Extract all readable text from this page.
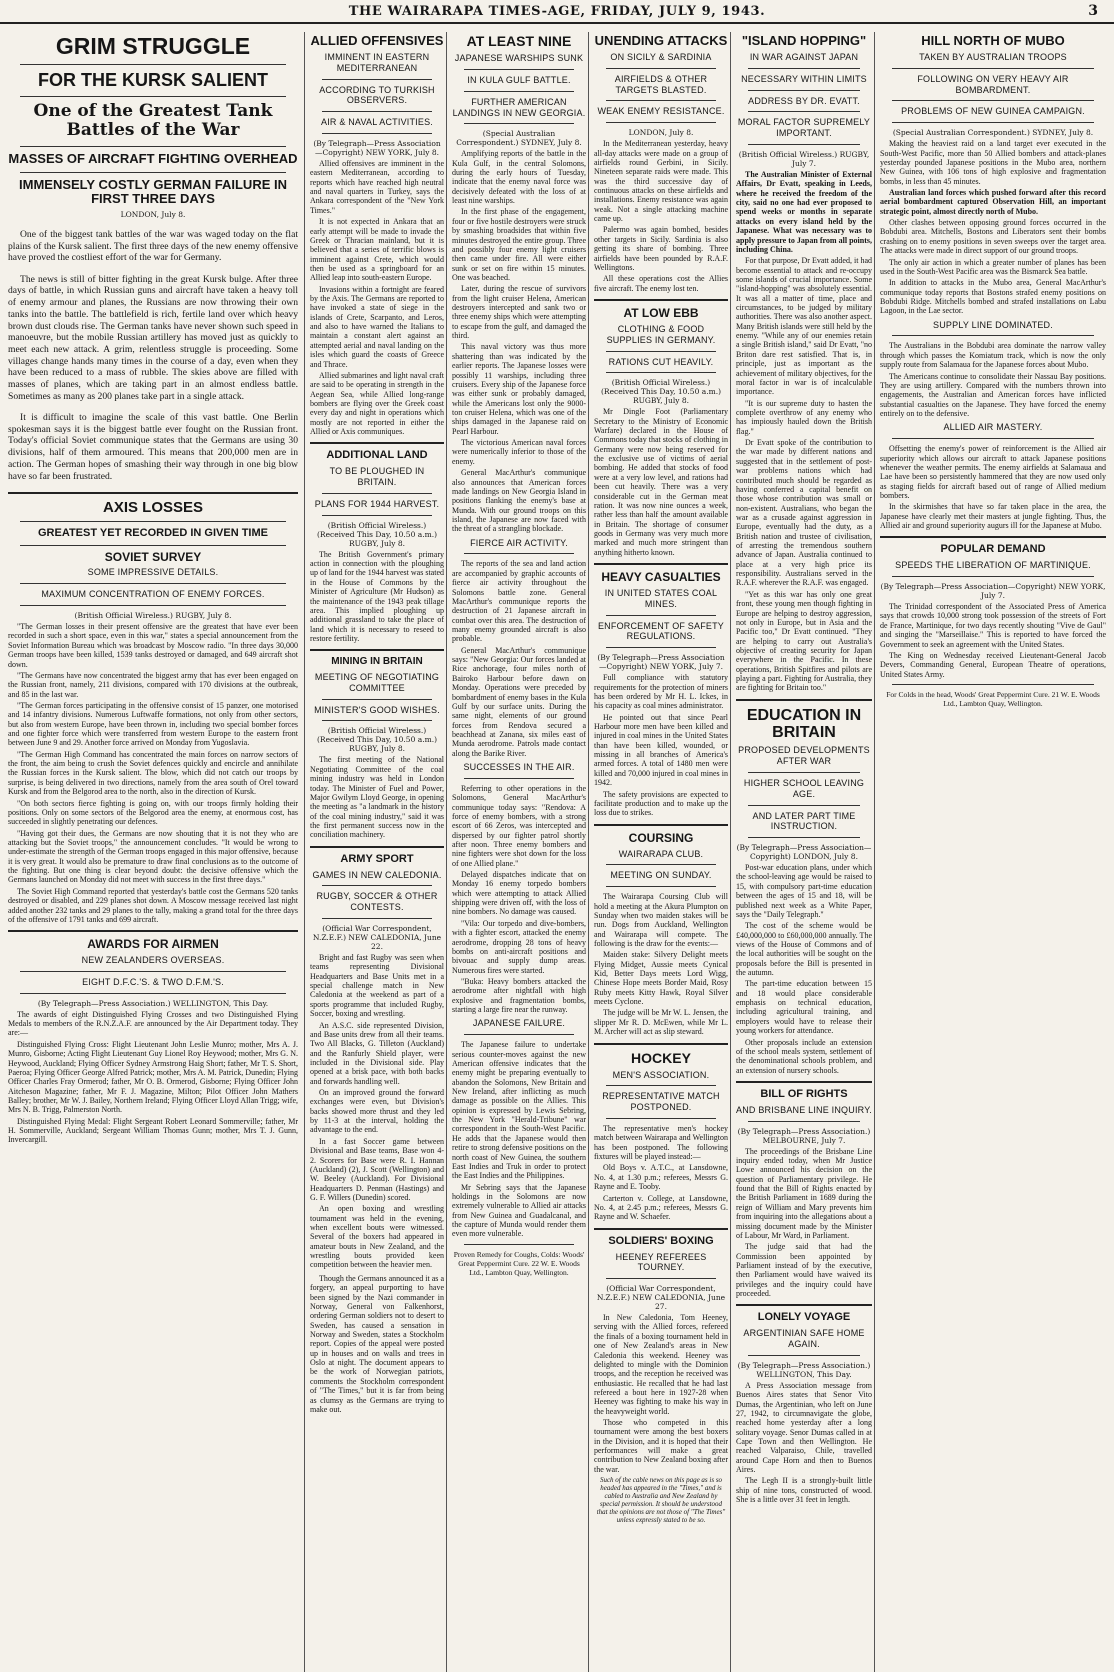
THE WAIRARAPA TIMES-AGE, FRIDAY, JULY 9, 1943.	3
GRIM STRUGGLE
FOR THE KURSK SALIENT
One of the Greatest Tank Battles of the War
MASSES OF AIRCRAFT FIGHTING OVERHEAD
IMMENSELY COSTLY GERMAN FAILURE IN FIRST THREE DAYS
LONDON, July 8.

One of the biggest tank battles of the war was waged today on the flat plains of the Kursk salient. The first three days of the new enemy offensive have proved the costliest effort of the war for Germany.

The news is still of bitter fighting in the great Kursk bulge. After three days of battle, in which Russian guns and aircraft have taken a heavy toll of enemy armour and planes, the Russians are now throwing their own tanks into the battle. The battlefield is rich, fertile land over which heavy brown dust clouds rise. The German tanks have never shown such speed in manoeuvre, but the mobile Russian artillery has moved just as quickly to meet each new attack. A grim, relentless struggle is proceeding. Some villages change hands many times in the course of a day, even when they have been reduced to a mass of rubble. The skies above are filled with masses of planes, which are taking part in an almost endless battle. Sometimes as many as 200 planes take part in a single attack.

It is difficult to imagine the scale of this vast battle. One Berlin spokesman says it is the biggest battle ever fought on the Russian front. Today's official Soviet communique states that the Germans are using 30 divisions, half of them armoured. This means that 200,000 men are in action. The German hopes of smashing their way through in one big blow have so far been frustrated.

AXIS LOSSES
GREATEST YET RECORDED IN GIVEN TIME
SOVIET SURVEY
SOME IMPRESSIVE DETAILS.
MAXIMUM CONCENTRATION OF ENEMY FORCES.
(British Official Wireless.) RUGBY, July 8.

"The German losses in their present offensive are the greatest that have ever been recorded in such a short space, even in this war," states a special announcement from the Soviet Information Bureau which was broadcast by Moscow radio. "In three days 30,000 German troops have been killed, 1539 tanks destroyed or damaged, and 649 aircraft shot down.

"The Germans have now concentrated the biggest army that has ever been engaged on the Russian front, namely, 211 divisions, compared with 170 divisions at the outbreak, and 85 in the last war.

"The German forces participating in the offensive consist of 15 panzer, one motorised and 14 infantry divisions. Numerous Luftwaffe formations, not only from other sectors, but also from western Europe, have been thrown in, including two special bomber forces and one fighter force which were transferred from western Europe to the eastern front between June 9 and 29. Another force arrived on Monday from Yugoslavia.

"The German High Command has concentrated the main forces on narrow sectors of the front, the aim being to crush the Soviet defences quickly and encircle and annihilate the Russian forces in the Kursk salient. The blow, which did not catch our troops by surprise, is being delivered in two directions, namely from the area south of Orel toward Kursk and from the Belgorod area to the north, also in the direction of Kursk.

"On both sectors fierce fighting is going on, with our troops firmly holding their positions. Only on some sectors of the Belgorod area the enemy, at enormous cost, has succeeded in slightly penetrating our defences.

"Having got their dues, the Germans are now shouting that it is not they who are attacking but the Soviet troops," the announcement concludes. "It would be wrong to under-estimate the strength of the German troops engaged in this major offensive, because it is very great. It would also be premature to draw final conclusions as to the outcome of the fighting. But one thing is clear beyond doubt: the decisive offensive which the Germans launched on Monday did not meet with success in the first three days."

The Soviet High Command reported that yesterday's battle cost the Germans 520 tanks destroyed or disabled, and 229 planes shot down. A Moscow message received last night added another 232 tanks and 29 planes to the tally, making a grand total for the three days of the offensive of 1791 tanks and 699 aircraft.

AWARDS FOR AIRMEN
NEW ZEALANDERS OVERSEAS.
EIGHT D.F.C.'S. & TWO D.F.M.'S.
(By Telegraph—Press Association.) WELLINGTON, This Day.

The awards of eight Distinguished Flying Crosses and two Distinguished Flying Medals to members of the R.N.Z.A.F. are announced by the Air Department today. They are:—

Distinguished Flying Cross: Flight Lieutenant John Leslie Munro; mother, Mrs A. J. Munro, Gisborne; Acting Flight Lieutenant Guy Lionel Roy Heywood; mother, Mrs G. N. Heywood, Auckland; Flying Officer Sydney Armstrong Haig Short; father, Mr T. S. Short, Paeroa; Flying Officer George Alfred Patrick; mother, Mrs A. M. Patrick, Dunedin; Flying Officer Charles Fray Ormerod; father, Mr O. B. Ormerod, Gisborne; Flying Officer John Aitcheson Magazine; father, Mr F. J. Magazine, Milton; Pilot Officer John Mathers Balley; brother, Mr W. J. Bailey, Northern Ireland; Flying Officer Lloyd Allan Trigg; wife, Mrs N. B. Trigg, Palmerston North.

Distinguished Flying Medal: Flight Sergeant Robert Leonard Sommerville; father, Mr H. Sommerville, Auckland; Sergeant William Thomas Gunn; mother, Mrs T. J. Gunn, Invercargill.

ALLIED OFFENSIVES
IMMINENT IN EASTERN MEDITERRANEAN
ACCORDING TO TURKISH OBSERVERS.
AIR & NAVAL ACTIVITIES.
(By Telegraph—Press Association—Copyright) NEW YORK, July 8.

Allied offensives are imminent in the eastern Mediterranean, according to reports which have reached high neutral and naval quarters in Turkey, says the Ankara correspondent of the "New York Times."

It is not expected in Ankara that an early attempt will be made to invade the Greek or Thracian mainland, but it is believed that a series of terrific blows is imminent against Crete, which would then be used as a springboard for an Allied leap into south-eastern Europe.

Invasions within a fortnight are feared by the Axis. The Germans are reported to have invoked a state of siege in the islands of Crete, Scarpanto, and Leros, and also to have warned the Italians to maintain a constant alert against an attempted aerial and naval landing on the isles which guard the coasts of Greece and Thrace.

Allied submarines and light naval craft are said to be operating in strength in the Aegean Sea, while Allied long-range bombers are flying over the Greek coast every day and night in operations which mostly are not reported in either the Allied or Axis communiques.

ADDITIONAL LAND
TO BE PLOUGHED IN BRITAIN.
PLANS FOR 1944 HARVEST.
(British Official Wireless.) (Received This Day, 10.50 a.m.) RUGBY, July 8.

The British Government's primary action in connection with the ploughing up of land for the 1944 harvest was stated in the House of Commons by the Minister of Agriculture (Mr Hudson) as the maintenance of the 1943 peak tillage area. This implied ploughing up additional grassland to take the place of land which it is necessary to reseed to restore fertility.

MINING IN BRITAIN
MEETING OF NEGOTIATING COMMITTEE
MINISTER'S GOOD WISHES.
(British Official Wireless.) (Received This Day, 10.50 a.m.) RUGBY, July 8.

The first meeting of the National Negotiating Committee of the coal mining industry was held in London today. The Minister of Fuel and Power, Major Gwilym Lloyd George, in opening the meeting as "a landmark in the history of the coal mining industry," said it was the first permanent success now in the conciliation machinery.

ARMY SPORT
GAMES IN NEW CALEDONIA.
RUGBY, SOCCER & OTHER CONTESTS.
(Official War Correspondent, N.Z.E.F.) NEW CALEDONIA, June 22.

Bright and fast Rugby was seen when teams representing Divisional Headquarters and Base Units met in a special challenge match in New Caledonia at the weekend as part of a sports programme that included Rugby, Soccer, boxing and wrestling.

An A.S.C. side represented Division, and Base units drew from all their teams. Two All Blacks, G. Tilleton (Auckland) and the Ranfurly Shield player, were included in the Divisional side. Play opened at a brisk pace, with both backs and forwards handling well.

On an improved ground the forward exchanges were even, but Division's backs showed more thrust and they led by 11-3 at the interval, holding the advantage to the end.

In a fast Soccer game between Divisional and Base teams, Base won 4-2. Scorers for Base were R. I. Hannan (Auckland) (2), J. Scott (Wellington) and W. Beeley (Auckland). For Divisional Headquarters D. Penman (Hastings) and G. F. Willers (Dunedin) scored.

An open boxing and wrestling tournament was held in the evening, when excellent bouts were witnessed. Several of the boxers had appeared in amateur bouts in New Zealand, and the wrestling bouts provided keen competition between the heavier men.

Though the Germans announced it as a forgery, an appeal purporting to have been signed by the Nazi commander in Norway, General von Falkenhorst, ordering German soldiers not to desert to Sweden, has caused a sensation in Norway and Sweden, states a Stockholm report. Copies of the appeal were posted up in houses and on walls and trees in Oslo at night. The document appears to be the work of Norwegian patriots, comments the Stockholm correspondent of "The Times," but it is far from being as clumsy as the Germans are trying to make out.

AT LEAST NINE
JAPANESE WARSHIPS SUNK
IN KULA GULF BATTLE.
FURTHER AMERICAN LANDINGS IN NEW GEORGIA.
(Special Australian Correspondent.) SYDNEY, July 8.

Amplifying reports of the battle in the Kula Gulf, in the central Solomons, during the early hours of Tuesday, indicate that the enemy naval force was decisively defeated with the loss of at least nine warships.

In the first phase of the engagement, four or five hostile destroyers were struck by smashing broadsides that within five minutes destroyed the entire group. Three and possibly four enemy light cruisers then came under fire. All were either sunk or set on fire within 15 minutes. One was beached.

Later, during the rescue of survivors from the light cruiser Helena, American destroyers intercepted and sank two or three enemy ships which were attempting to escape from the gulf, and damaged the third.

This naval victory was thus more shattering than was indicated by the earlier reports. The Japanese losses were possibly 11 warships, including three cruisers. Every ship of the Japanese force was either sunk or probably damaged, while the Americans lost only the 9000-ton cruiser Helena, which was one of the ships damaged in the Japanese raid on Pearl Harbour.

The victorious American naval forces were numerically inferior to those of the enemy.

General MacArthur's communique also announces that American forces made landings on New Georgia Island in positions flanking the enemy's base at Munda. With our ground troops on this island, the Japanese are now faced with the threat of a strangling blockade.

FIERCE AIR ACTIVITY.

The reports of the sea and land action are accompanied by graphic accounts of fierce air activity throughout the Solomons battle zone. General MacArthur's communique reports the destruction of 21 Japanese aircraft in combat over this area. The destruction of many enemy grounded aircraft is also probable.

General MacArthur's communique says: "New Georgia: Our forces landed at Rice anchorage, four miles north of Bairoko Harbour before dawn on Monday. Operations were preceded by bombardment of enemy bases in the Kula Gulf by our surface units. During the same night, elements of our ground forces from Rendova secured a beachhead at Zanana, six miles east of Munda aerodrome. Patrols made contact along the Barike River.

SUCCESSES IN THE AIR.

Referring to other operations in the Solomons, General MacArthur's communique today says: "Rendova: A force of enemy bombers, with a strong escort of 66 Zeros, was intercepted and dispersed by our fighter patrol shortly after noon. Three enemy bombers and nine fighters were shot down for the loss of one Allied plane."

Delayed dispatches indicate that on Monday 16 enemy torpedo bombers which were attempting to attack Allied shipping were driven off, with the loss of nine bombers. No damage was caused.

"Vila: Our torpedo and dive-bombers, with a fighter escort, attacked the enemy aerodrome, dropping 28 tons of heavy bombs on anti-aircraft positions and bivouac and supply dump areas. Numerous fires were started.

"Buka: Heavy bombers attacked the aerodrome after nightfall with high explosive and fragmentation bombs, starting a large fire near the runway.

JAPANESE FAILURE.

The Japanese failure to undertake serious counter-moves against the new American offensive indicates that the enemy might be preparing eventually to abandon the Solomons, New Britain and New Ireland, after inflicting as much damage as possible on the Allies. This opinion is expressed by Lewis Sebring, the New York "Herald-Tribune" war correspondent in the South-West Pacific. He adds that the Japanese would then retire to strong defensive positions on the north coast of New Guinea, the southern East Indies and Truk in order to protect the East Indies and the Philippines.

Mr Sebring says that the Japanese holdings in the Solomons are now extremely vulnerable to Allied air attacks from New Guinea and Guadalcanal, and the capture of Munda would render them even more vulnerable.

Proven Remedy for Coughs, Colds: Woods' Great Peppermint Cure. 22 W. E. Woods Ltd., Lambton Quay, Wellington.
UNENDING ATTACKS
ON SICILY & SARDINIA
AIRFIELDS & OTHER TARGETS BLASTED.
WEAK ENEMY RESISTANCE.
LONDON, July 8.

In the Mediterranean yesterday, heavy all-day attacks were made on a group of airfields round Gerbini, in Sicily. Nineteen separate raids were made. This was the third successive day of continuous attacks on these airfields and installations. Enemy resistance was again weak. Not a single attacking machine came up.

Palermo was again bombed, besides other targets in Sicily. Sardinia is also getting its share of bombing. Three airfields have been pounded by R.A.F. Wellingtons.

All these operations cost the Allies five aircraft. The enemy lost ten.

AT LOW EBB
CLOTHING & FOOD SUPPLIES IN GERMANY.
RATIONS CUT HEAVILY.
(British Official Wireless.) (Received This Day, 10.50 a.m.) RUGBY, July 8.

Mr Dingle Foot (Parliamentary Secretary to the Ministry of Economic Warfare) declared in the House of Commons today that stocks of clothing in Germany were now being reserved for the exclusive use of victims of aerial bombing. He added that stocks of food were at a very low level, and rations had been cut heavily. There was a very considerable cut in the German meat ration. It was now nine ounces a week, rather less than half the amount available in Britain. The shortage of consumer goods in Germany was very much more marked and much more stringent than anything hitherto known.

HEAVY CASUALTIES
IN UNITED STATES COAL MINES.
ENFORCEMENT OF SAFETY REGULATIONS.
(By Telegraph—Press Association—Copyright) NEW YORK, July 7.

Full compliance with statutory requirements for the protection of miners has been ordered by Mr H. L. Ickes, in his capacity as coal mines administrator.

He pointed out that since Pearl Harbour more men have been killed and injured in coal mines in the United States than have been killed, wounded, or missing in all branches of America's armed forces. A total of 1480 men were killed and 70,000 injured in coal mines in 1942.

The safety provisions are expected to facilitate production and to make up the loss due to strikes.

COURSING
WAIRARAPA CLUB.
MEETING ON SUNDAY.

The Wairarapa Coursing Club will hold a meeting at the Akura Plumpton on Sunday when two maiden stakes will be run. Dogs from Auckland, Wellington and Wairarapa will compete. The following is the draw for the events:—

Maiden stake: Silvery Delight meets Flying Midget, Aussie meets Cynical Kid, Better Days meets Lord Wigg, Chinese Hope meets Border Maid, Rosy Ruby meets Kitty Hawk, Royal Silver meets Cyclone.

The judge will be Mr W. L. Jensen, the slipper Mr R. D. McEwen, while Mr L. M. Archer will act as slip steward.

HOCKEY
MEN'S ASSOCIATION.
REPRESENTATIVE MATCH POSTPONED.

The representative men's hockey match between Wairarapa and Wellington has been postponed. The following fixtures will be played instead:—

Old Boys v. A.T.C., at Lansdowne, No. 4, at 1.30 p.m.; referees, Messrs G. Rayne and E. Tooby.

Carterton v. College, at Lansdowne, No. 4, at 2.45 p.m.; referees, Messrs G. Rayne and W. Schaefer.

SOLDIERS' BOXING
HEENEY REFEREES TOURNEY.
(Official War Correspondent, N.Z.E.F.) NEW CALEDONIA, June 27.

In New Caledonia, Tom Heeney, serving with the Allied forces, refereed the finals of a boxing tournament held in one of New Zealand's areas in New Caledonia this weekend. Heeney was delighted to mingle with the Dominion troops, and the reception he received was enthusiastic. He recalled that he had last refereed a bout here in 1927-28 when Heeney was fighting to make his way in the heavyweight world.

Those who competed in this tournament were among the best boxers in the Division, and it is hoped that their performances will make a great contribution to New Zealand boxing after the war.

Such of the cable news on this page as is so headed has appeared in the "Times," and is cabled to Australia and New Zealand by special permission. It should be understood that the opinions are not those of "The Times" unless expressly stated to be so.
"ISLAND HOPPING"
IN WAR AGAINST JAPAN
NECESSARY WITHIN LIMITS
ADDRESS BY DR. EVATT.
MORAL FACTOR SUPREMELY IMPORTANT.
(British Official Wireless.) RUGBY, July 7.

The Australian Minister of External Affairs, Dr Evatt, speaking in Leeds, where he received the freedom of the city, said no one had ever proposed to spend weeks or months in separate attacks on every island held by the Japanese. What was necessary was to apply pressure to Japan from all points, including China.

For that purpose, Dr Evatt added, it had become essential to attack and re-occupy some islands of crucial importance. Some "island-hopping" was absolutely essential. It was all a matter of time, place and circumstances, to be judged by military authorities. There was also another aspect. Many British islands were still held by the enemy. "While any of our enemies retain a single British island," said Dr Evatt, "no Briton dare rest satisfied. That is, in principle, just as important as the achievement of military objectives, for the moral factor in war is of incalculable importance.

"It is our supreme duty to hasten the complete overthrow of any enemy who has impiously hauled down the British flag."

Dr Evatt spoke of the contribution to the war made by different nations and suggested that in the settlement of post-war problems nations which had contributed much should be regarded as having conferred a capital benefit on those whose contribution was small or non-existent. Australians, who began the war as a crusade against aggression in Europe, eventually had the duty, as a British nation and trustee of civilisation, of arresting the tremendous southern advance of Japan. Australia continued to place at a very high price its responsibility. Australians served in the R.A.F. wherever the R.A.F. was engaged.

"Yet as this war has only one great front, these young men though fighting in Europe are helping to destroy aggression, not only in Europe, but in Asia and the Pacific too," Dr Evatt continued. "They are helping to carry out Australia's objective of creating security for Japan everywhere in the Pacific. In these operations, British Spitfires and pilots are playing a part. Fighting for Australia, they are fighting for Britain too."

EDUCATION IN BRITAIN
PROPOSED DEVELOPMENTS AFTER WAR
HIGHER SCHOOL LEAVING AGE.
AND LATER PART TIME INSTRUCTION.
(By Telegraph—Press Association—Copyright) LONDON, July 8.

Post-war education plans, under which the school-leaving age would be raised to 15, with compulsory part-time education between the ages of 15 and 18, will be published next week as a White Paper, says the "Daily Telegraph."

The cost of the scheme would be £40,000,000 to £60,000,000 annually. The views of the House of Commons and of the local authorities will be sought on the proposals before the Bill is presented in the autumn.

The part-time education between 15 and 18 would place considerable emphasis on technical education, including agricultural training, and employers would have to release their young workers for attendance.

Other proposals include an extension of the school meals system, settlement of the denominational schools problem, and an extension of nursery schools.

BILL OF RIGHTS
AND BRISBANE LINE INQUIRY.
(By Telegraph—Press Association.) MELBOURNE, July 7.

The proceedings of the Brisbane Line inquiry ended today, when Mr Justice Lowe announced his decision on the question of Parliamentary privilege. He found that the Bill of Rights enacted by the British Parliament in 1689 during the reign of William and Mary prevents him from inquiring into the allegations about a missing document made by the Minister of Labour, Mr Ward, in Parliament.

The judge said that had the Commission been appointed by Parliament instead of by the executive, then Parliament would have waived its privileges and the inquiry could have proceeded.

LONELY VOYAGE
ARGENTINIAN SAFE HOME AGAIN.
(By Telegraph—Press Association.) WELLINGTON, This Day.

A Press Association message from Buenos Aires states that Senor Vito Dumas, the Argentinian, who left on June 27, 1942, to circumnavigate the globe, reached home yesterday after a long solitary voyage. Senor Dumas called in at Cape Town and then Wellington. He reached Valparaiso, Chile, travelled around Cape Horn and then to Buenos Aires.

The Legh II is a strongly-built little ship of nine tons, constructed of wood. She is a little over 31 feet in length.

HILL NORTH OF MUBO
TAKEN BY AUSTRALIAN TROOPS
FOLLOWING ON VERY HEAVY AIR BOMBARDMENT.
PROBLEMS OF NEW GUINEA CAMPAIGN.
(Special Australian Correspondent.) SYDNEY, July 8.

Making the heaviest raid on a land target ever executed in the South-West Pacific, more than 50 Allied bombers and attack-planes yesterday pounded Japanese positions in the Mubo area, northern New Guinea, with 106 tons of high explosive and fragmentation bombs, in less than 45 minutes.

Australian land forces which pushed forward after this record aerial bombardment captured Observation Hill, an important strategic point, almost directly north of Mubo.

Other clashes between opposing ground forces occurred in the Bobdubi area. Mitchells, Bostons and Liberators sent their bombs crashing on to enemy positions in seven sweeps over the target area. The attacks were made in direct support of our ground troops.

The only air action in which a greater number of planes has been used in the South-West Pacific area was the Bismarck Sea battle.

In addition to attacks in the Mubo area, General MacArthur's communique today reports that Bostons strafed enemy positions on Bobdubi Ridge. Mitchells bombed and strafed installations on Labu Lagoon, in the Lae sector.

SUPPLY LINE DOMINATED.

The Australians in the Bobdubi area dominate the narrow valley through which passes the Komiatum track, which is now the only supply route from Salamaua for the Japanese forces about Mubo.

The Americans continue to consolidate their Nassau Bay positions. They are using artillery. Compared with the numbers thrown into engagements, the Australian and American forces have inflicted substantial casualties on the Japanese. They have forced the enemy entirely on to the defensive.

ALLIED AIR MASTERY.

Offsetting the enemy's power of reinforcement is the Allied air superiority which allows our aircraft to attack Japanese positions whenever the weather permits. The enemy airfields at Salamaua and Lae have been so persistently hammered that they are now used only as staging fields for aircraft based out of range of Allied medium bombers.

In the skirmishes that have so far taken place in the area, the Japanese have clearly met their masters at jungle fighting. Thus, the Allied air and ground superiority augurs ill for the Japanese at Mubo.

POPULAR DEMAND
SPEEDS THE LIBERATION OF MARTINIQUE.
(By Telegraph—Press Association—Copyright) NEW YORK, July 7.

The Trinidad correspondent of the Associated Press of America says that crowds 10,000 strong took possession of the streets of Fort de France, Martinique, for two days recently shouting "Vive de Gaul" and singing the "Marseillaise." This is reported to have forced the Government to seek an agreement with the United States.

The King on Wednesday received Lieutenant-General Jacob Devers, Commanding General, European Theatre of operations, United States Army.

For Colds in the head, Woods' Great Peppermint Cure. 21 W. E. Woods Ltd., Lambton Quay, Wellington.
